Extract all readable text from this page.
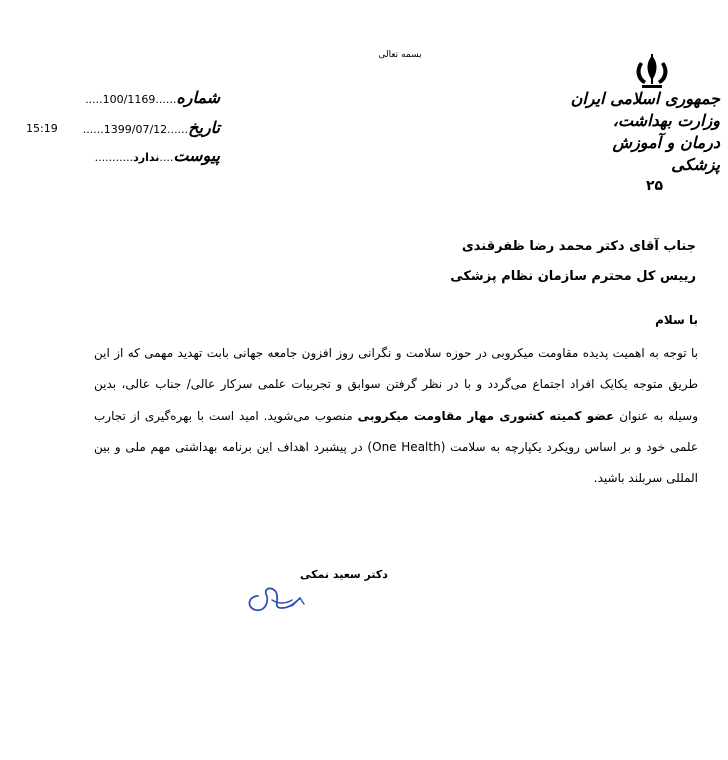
بسمه تعالی
جمهوری اسلامی ایران
وزارت بهداشت، درمان و آموزش پزشکی
۲۵
شماره......100/1169.....
تاریخ......1399/07/12......
پیوست....ندارد...........
15:19
جناب آقای دکتر محمد رضا ظفرقندی
رییس کل محترم سازمان نظام پزشکی
با سلام
با توجه به اهمیت پدیده مقاومت میکروبی در حوزه سلامت و نگرانی روز افزون جامعه جهانی بابت تهدید مهمی که از این طریق متوجه یکایک افراد اجتماع می‌گردد و با در نظر گرفتن سوابق و تجربیات علمی سرکار عالی/ جناب عالی، بدین وسیله به عنوان عضو کمیته کشوری مهار مقاومت میکروبی منصوب می‌شوید. امید است با بهره‌گیری از تجارب علمی خود و بر اساس رویکرد یکپارچه به سلامت (One Health) در پیشبرد اهداف این برنامه بهداشتی مهم ملی و بین المللی سربلند باشید.
دکتر سعید نمکی
